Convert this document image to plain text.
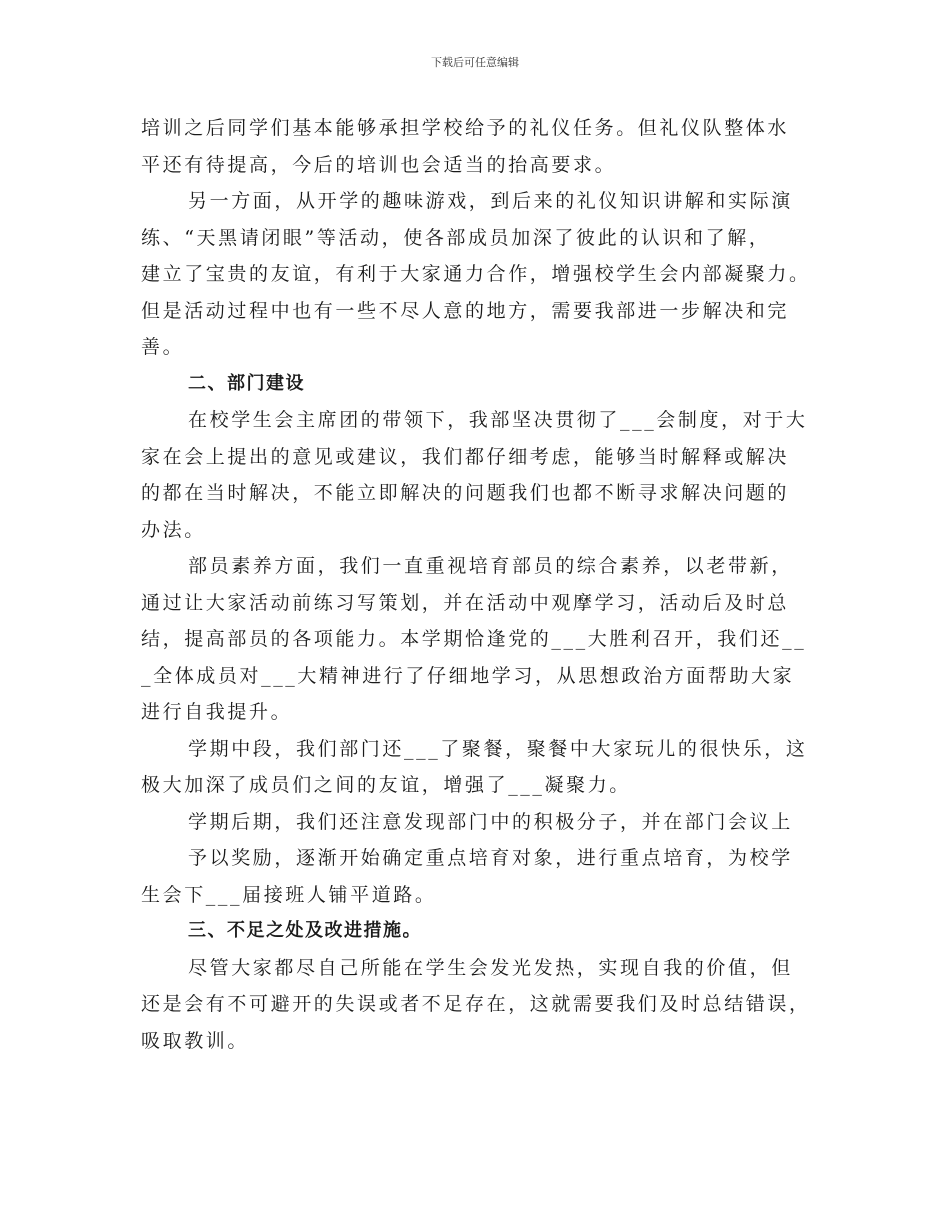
下载后可任意编辑
培训之后同学们基本能够承担学校给予的礼仪任务。但礼仪队整体水
平还有待提高，今后的培训也会适当的抬高要求。
另一方面，从开学的趣味游戏，到后来的礼仪知识讲解和实际演
练、“天黑请闭眼”等活动，使各部成员加深了彼此的认识和了解，
建立了宝贵的友谊，有利于大家通力合作，增强校学生会内部凝聚力。
但是活动过程中也有一些不尽人意的地方，需要我部进一步解决和完
善。
二、部门建设
在校学生会主席团的带领下，我部坚决贯彻了___会制度，对于大
家在会上提出的意见或建议，我们都仔细考虑，能够当时解释或解决
的都在当时解决，不能立即解决的问题我们也都不断寻求解决问题的
办法。
部员素养方面，我们一直重视培育部员的综合素养，以老带新，
通过让大家活动前练习写策划，并在活动中观摩学习，活动后及时总
结，提高部员的各项能力。本学期恰逢党的___大胜利召开，我们还__
_全体成员对___大精神进行了仔细地学习，从思想政治方面帮助大家
进行自我提升。
学期中段，我们部门还___了聚餐，聚餐中大家玩儿的很快乐，这
极大加深了成员们之间的友谊，增强了___凝聚力。
学期后期，我们还注意发现部门中的积极分子，并在部门会议上
予以奖励，逐渐开始确定重点培育对象，进行重点培育，为校学
生会下___届接班人铺平道路。
三、不足之处及改进措施。
尽管大家都尽自己所能在学生会发光发热，实现自我的价值，但
还是会有不可避开的失误或者不足存在，这就需要我们及时总结错误，
吸取教训。
